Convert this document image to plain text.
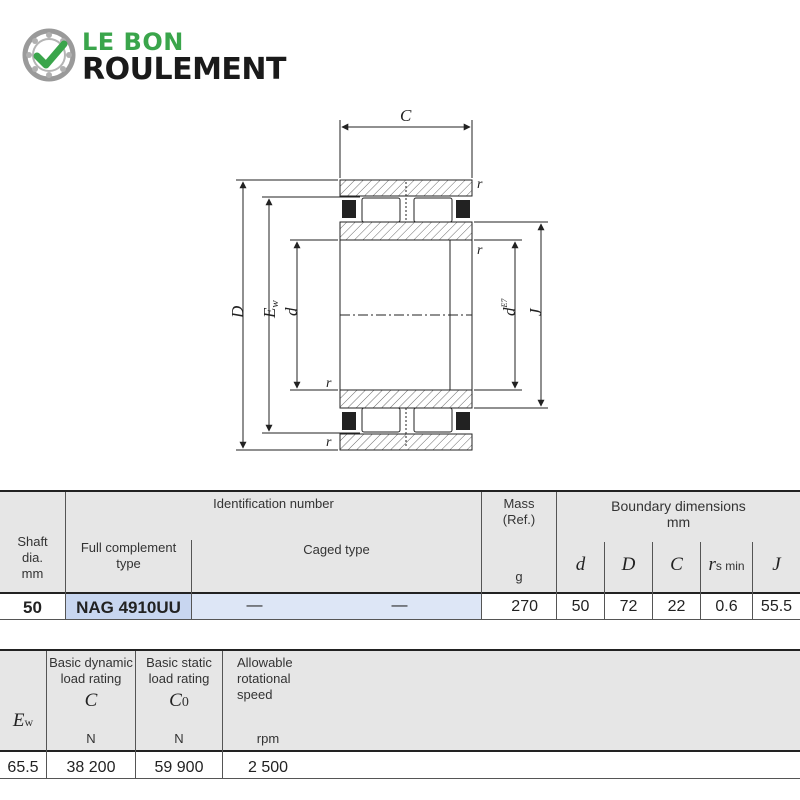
LE BON
ROULEMENT
C
D Ew
d	$d^{E7}$
J
r
r
r
r
Shaft
dia.
mm
Identification number
Full complement
type
Caged type
Mass
(Ref.)
g
Boundary dimensions
mm
d	D	C	rs min	J
50	NAG 4910UU	—	—	270	50	72	22	0.6	55.5
Ew
Basic dynamic
load rating
C
N
Basic static
load rating
C0
N
Allowable
rotational
speed
rpm
65.5	38 200	59 900	2 500
